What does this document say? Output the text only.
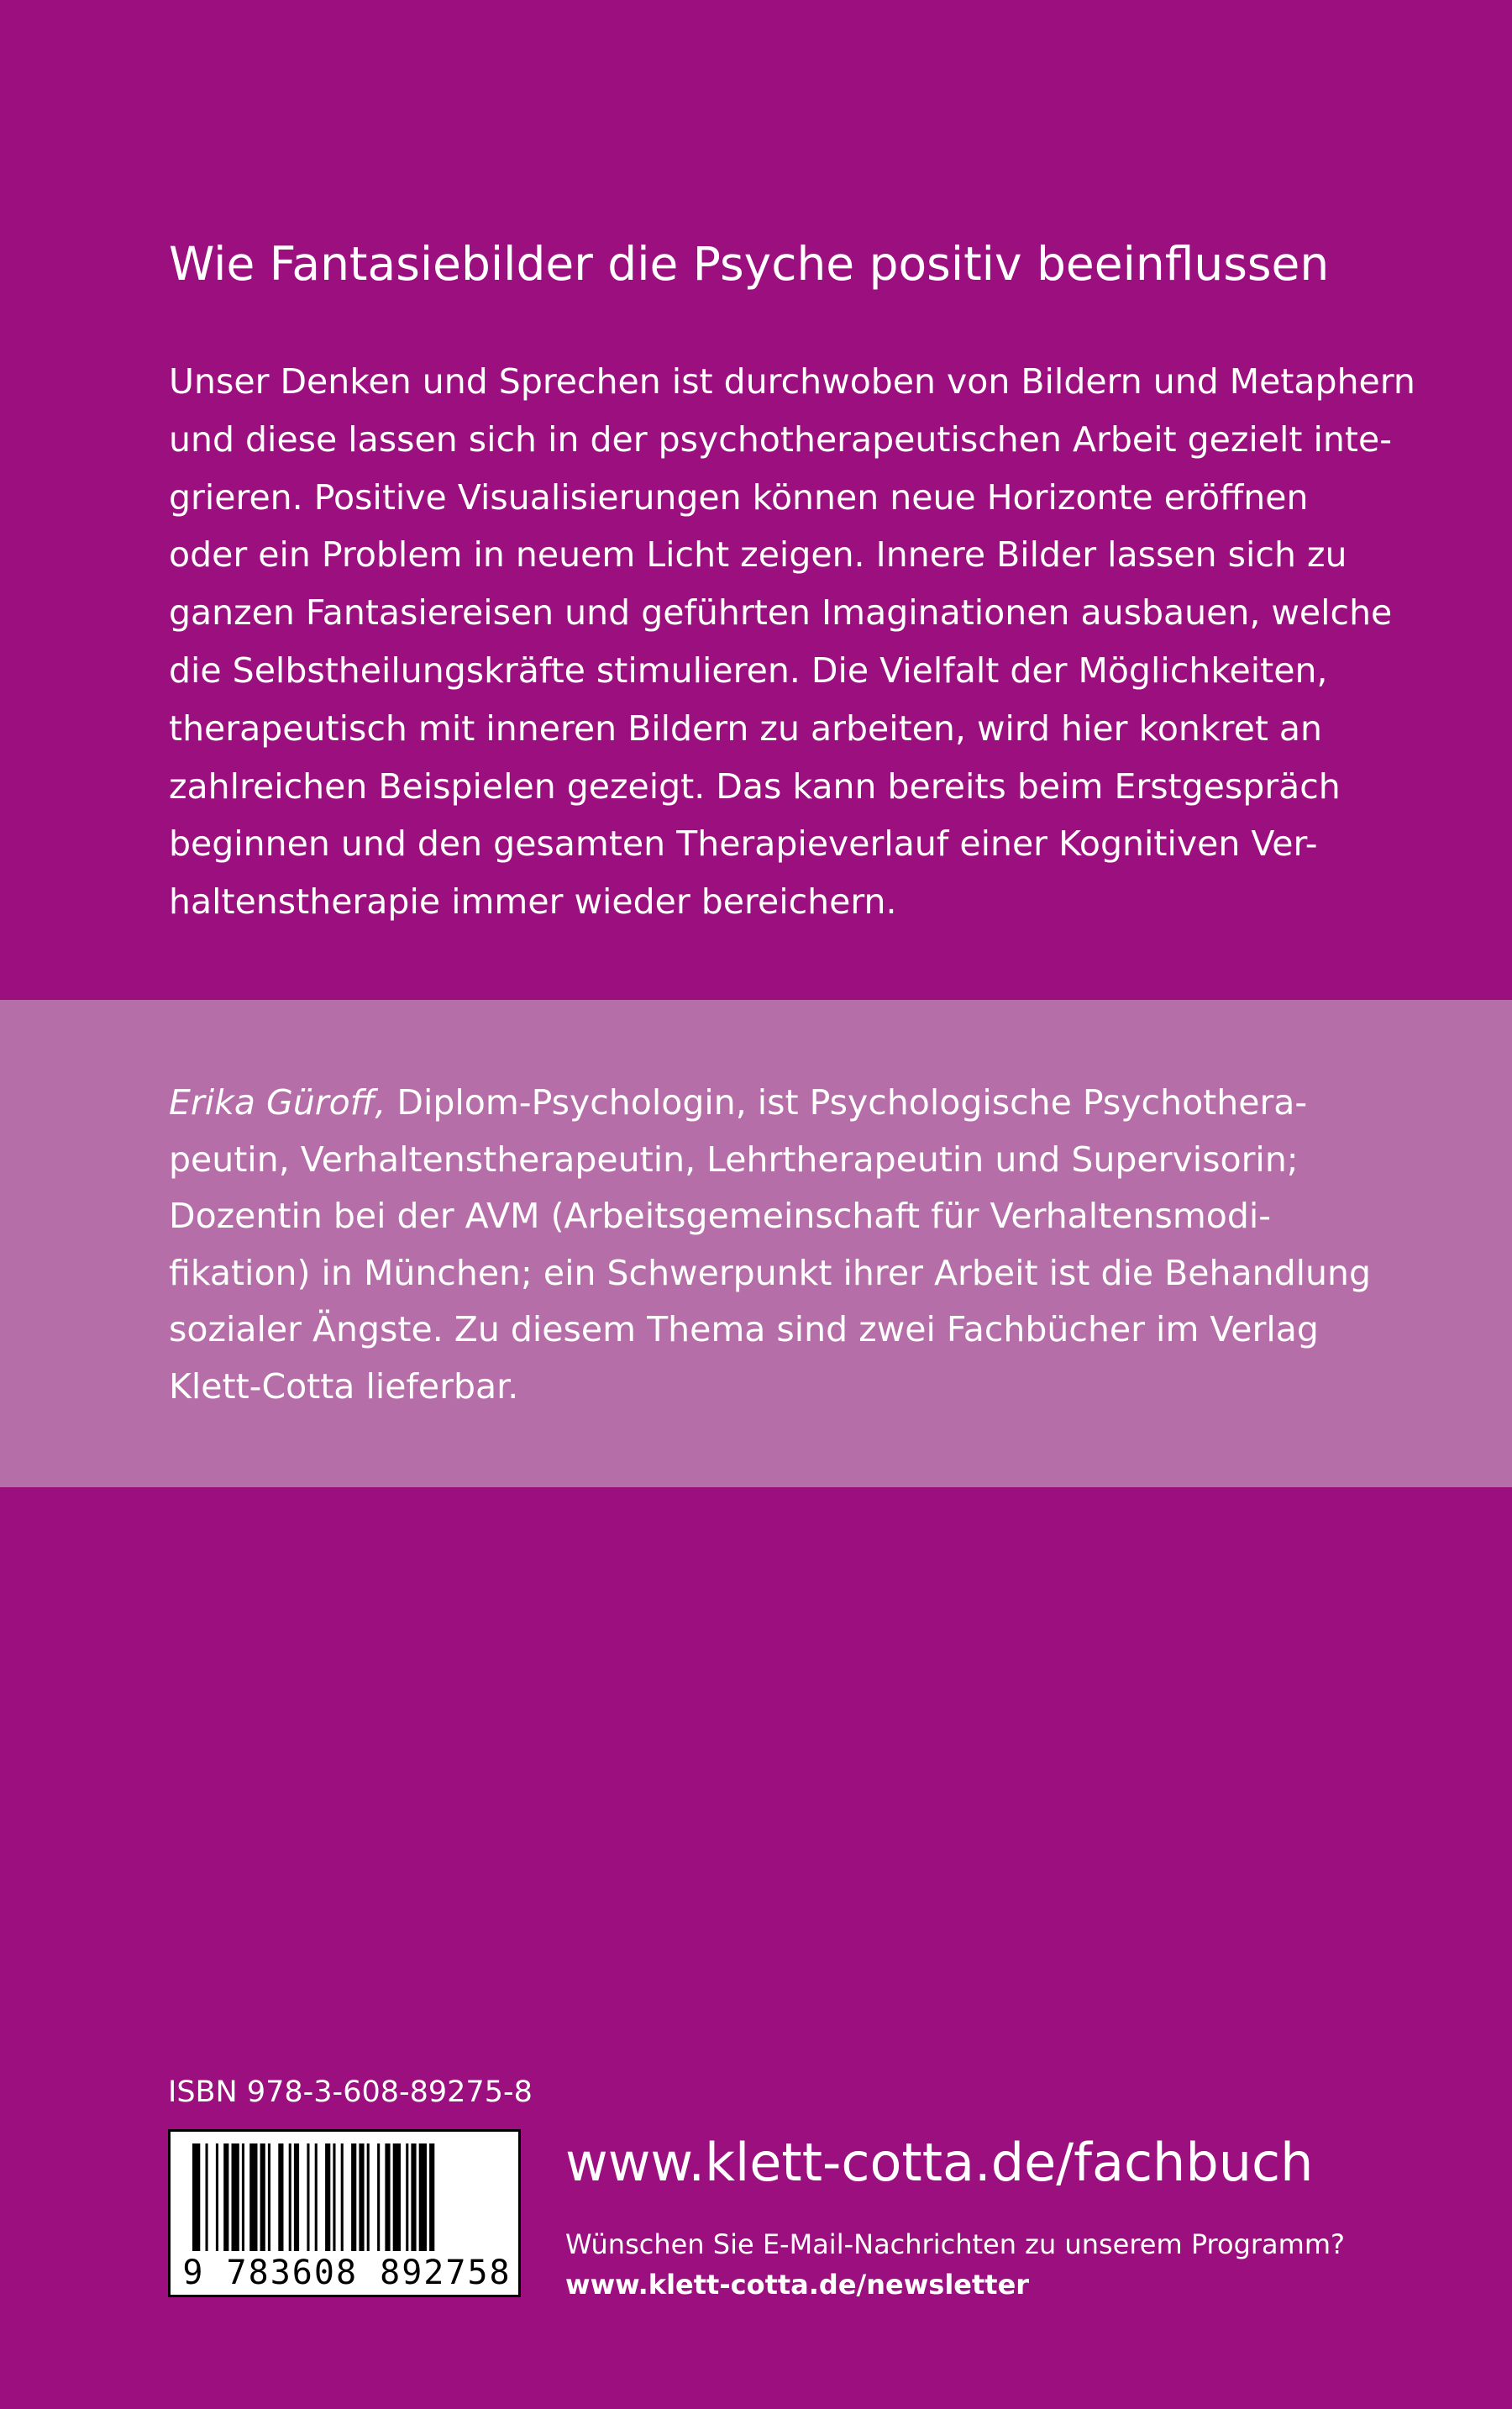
Wie Fantasiebilder die Psyche positiv beeinflussen
Unser Denken und Sprechen ist durchwoben von Bildern und Metaphern
und diese lassen sich in der psychotherapeutischen Arbeit gezielt inte-
grieren. Positive Visualisierungen können neue Horizonte eröffnen
oder ein Problem in neuem Licht zeigen. Innere Bilder lassen sich zu
ganzen Fantasiereisen und geführten Imaginationen ausbauen, welche
die Selbstheilungskräfte stimulieren. Die Vielfalt der Möglichkeiten,
therapeutisch mit inneren Bildern zu arbeiten, wird hier konkret an
zahlreichen Beispielen gezeigt. Das kann bereits beim Erstgespräch
beginnen und den gesamten Therapieverlauf einer Kognitiven Ver-
haltenstherapie immer wieder bereichern.
Erika Güroff, Diplom-Psychologin, ist Psychologische Psychothera-
peutin, Verhaltenstherapeutin, Lehrtherapeutin und Supervisorin;
Dozentin bei der AVM (Arbeitsgemeinschaft für Verhaltensmodi-
fikation) in München; ein Schwerpunkt ihrer Arbeit ist die Behandlung
sozialer Ängste. Zu diesem Thema sind zwei Fachbücher im Verlag
Klett-Cotta lieferbar.
ISBN 978-3-608-89275-8
9 783608 892758
www.klett-cotta.de/fachbuch
Wünschen Sie E-Mail-Nachrichten zu unserem Programm?
www.klett-cotta.de/newsletter
